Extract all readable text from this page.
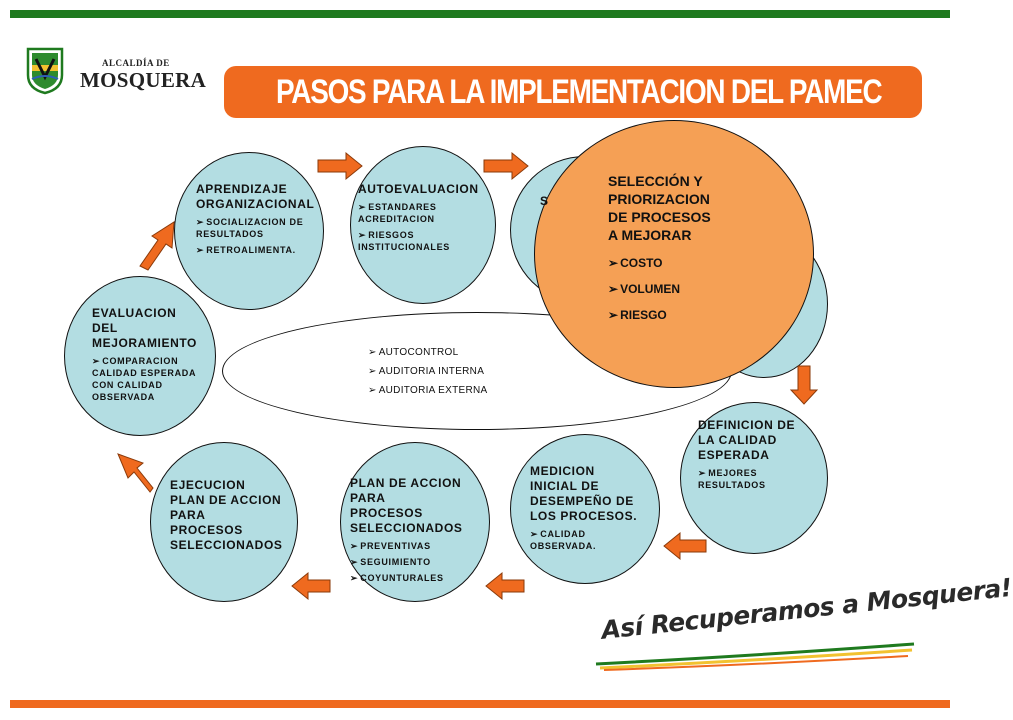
ALCALDÍA DE
MOSQUERA PASOS PARA LA IMPLEMENTACION DEL PAMEC
APRENDIZAJE
ORGANIZACIONAL
➢ SOCIALIZACION DE
RESULTADOS
➢ RETROALIMENTA.
AUTOEVALUACION
➢ ESTANDARES
ACREDITACION
➢ RIESGOS
INSTITUCIONALES
S
EVALUACION
DEL
MEJORAMIENTO
➢ COMPARACION
CALIDAD ESPERADA
CON CALIDAD
OBSERVADA
➢ AUTOCONTROL
➢ AUDITORIA INTERNA
➢ AUDITORIA EXTERNA
DEFINICION DE
LA CALIDAD
ESPERADA
➢ MEJORES
RESULTADOS
MEDICION
INICIAL DE
DESEMPEÑO DE
LOS PROCESOS.
➢ CALIDAD
OBSERVADA.
PLAN DE ACCION
PARA
PROCESOS
SELECCIONADOS
➢ PREVENTIVAS
➢ SEGUIMIENTO
➢ COYUNTURALES
EJECUCION
PLAN DE ACCION
PARA
PROCESOS
SELECCIONADOS
SELECCIÓN Y
PRIORIZACION
DE PROCESOS
A MEJORAR
➢ COSTO
➢ VOLUMEN
➢ RIESGO
Así Recuperamos a Mosquera!
